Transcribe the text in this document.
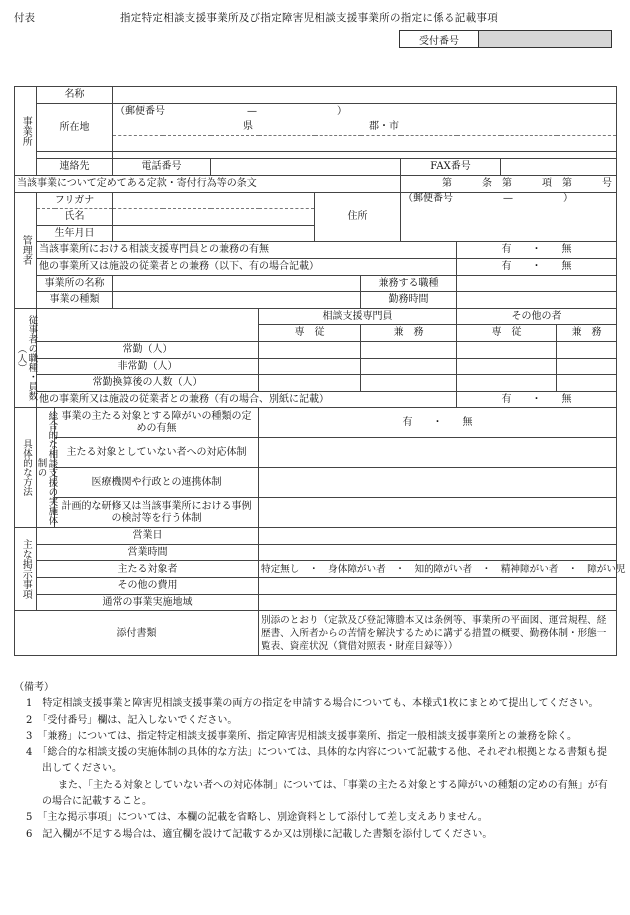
付表	指定特定相談支援事業所及び指定障害児相談支援事業所の指定に係る記載事項
受付番号	
事業所	名称										
	所在地		（郵便番号 — ）								
			県 郡・市								

	連絡先		電話番号					FAX番号			
当該事業について定めてある定款・寄付行為等の条文								第　　　条　第　　　項　第　　　号			
管理者	フリガナ					住所		（郵便番号　　　　　—　　　　　）			
	氏名										
	生年月日										
	当該事業所における相談支援専門員との兼務の有無								有　　・　　無		
	他の事業所又は施設の従業者との兼務（以下、有の場合記載）								有　　・　　無		
	事業所の名称						兼務する職種				
	事業の種類						勤務時間				
従事者の職種・員数（人）					相談支援専門員				その他の者		
					専　従		兼　務		専　従		兼　務
	常勤（人）										
	非常勤（人）										
	常勤換算後の人数（人）										
	他の事業所又は施設の従業者との兼務（有の場合、別紙に記載）								有　　・　　無		
具体的な方法	総合的な相談支援の実施体制の	事業の主たる対象とする障がいの種類の定めの有無			有　　・　　無						
		主たる対象としていない者への対応体制									
		医療機関や行政との連携体制									
		計画的な研修又は当該事業所における事例の検討等を行う体制									
主な掲示事項	営業日										
	営業時間										
	主たる対象者				特定無し　・　身体障がい者　・　知的障がい者　・　精神障がい者　・　障がい児						
	その他の費用										
	通常の事業実施地域										
添付書類					別添のとおり（定款及び登記簿謄本又は条例等、事業所の平面図、運営規程、経歴書、入所者からの苦情を解決するために講ずる措置の概要、勤務体制・形態一覧表、資産状況（貸借対照表・財産目録等））						
（備考）
1　特定相談支援事業と障害児相談支援事業の両方の指定を申請する場合についても、本様式1枚にまとめて提出してください。
2　「受付番号」欄は、記入しないでください。
3　「兼務」については、指定特定相談支援事業所、指定障害児相談支援事業所、指定一般相談支援事業所との兼務を除く。
4　「総合的な相談支援の実施体制の具体的な方法」については、具体的な内容について記載する他、それぞれ根拠となる書類も提出してください。
また、「主たる対象としていない者への対応体制」については、「事業の主たる対象とする障がいの種類の定めの有無」が有の場合に記載すること。
5　「主な掲示事項」については、本欄の記載を省略し、別途資料として添付して差し支えありません。
6　記入欄が不足する場合は、適宜欄を設けて記載するか又は別様に記載した書類を添付してください。
